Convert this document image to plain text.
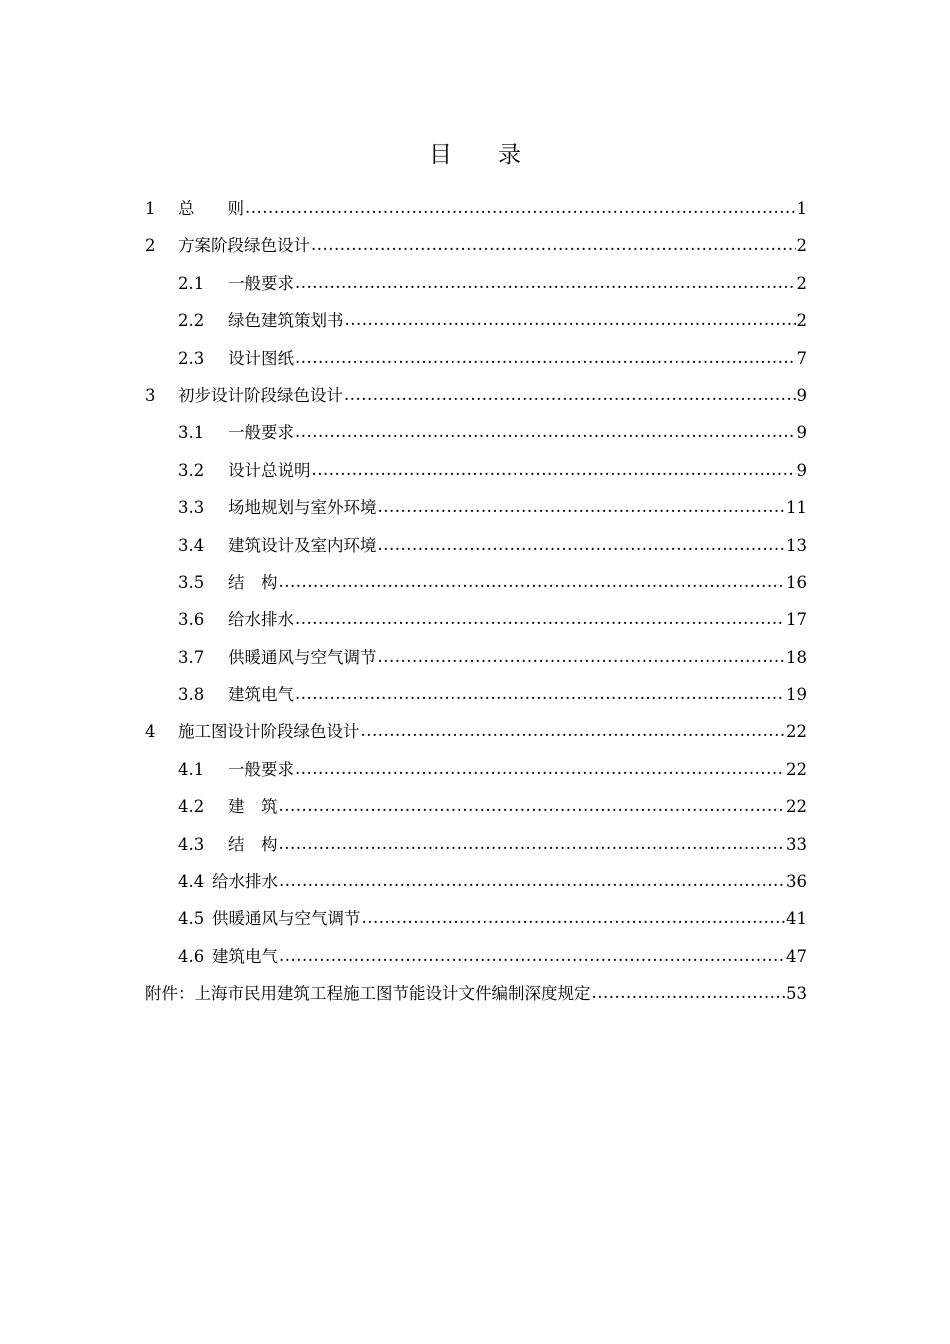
目 录
1	总　　则 .....	1
2	方案阶段绿色设计 .....	2
2.1	一般要求 .....	2
2.2	绿色建筑策划书 .....	2
2.3	设计图纸 .....	7
3	初步设计阶段绿色设计 .....	9
3.1	一般要求 .....	9
3.2	设计总说明 .....	9
3.3	场地规划与室外环境 .....	11
3.4	建筑设计及室内环境 .....	13
3.5	结　构 .....	16
3.6	给水排水 .....	17
3.7	供暖通风与空气调节 .....	18
3.8	建筑电气 .....	19
4	施工图设计阶段绿色设计 .....	22
4.1	一般要求 .....	22
4.2	建　筑 .....	22
4.3	结　构 .....	33
4.4 给水排水 .....	36
4.5 供暖通风与空气调节 .....	41
4.6 建筑电气 .....	47
附件：上海市民用建筑工程施工图节能设计文件编制深度规定 .....	53
